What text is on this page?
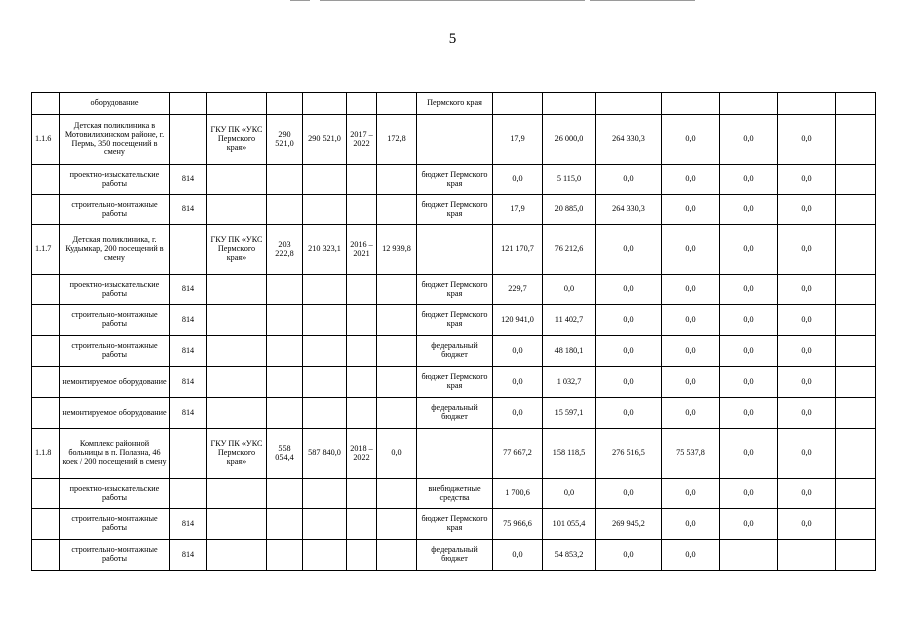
5
	оборудование							Пермского края							
1.1.6	Детская поликлиника в Мотовилихинском районе, г. Пермь, 350 посещений в смену		ГКУ ПК «УКС Пермского края»	290 521,0	290 521,0	2017 – 2022	172,8		17,9	26 000,0	264 330,3	0,0	0,0	0,0	
	проектно-изыскательские работы	814						бюджет Пермского края	0,0	5 115,0	0,0	0,0	0,0	0,0	
	строительно-монтажные работы	814						бюджет Пермского края	17,9	20 885,0	264 330,3	0,0	0,0	0,0	
1.1.7	Детская поликлиника, г. Кудымкар, 200 посещений в смену		ГКУ ПК «УКС Пермского края»	203 222,8	210 323,1	2016 – 2021	12 939,8		121 170,7	76 212,6	0,0	0,0	0,0	0,0	
	проектно-изыскательские работы	814						бюджет Пермского края	229,7	0,0	0,0	0,0	0,0	0,0	
	строительно-монтажные работы	814						бюджет Пермского края	120 941,0	11 402,7	0,0	0,0	0,0	0,0	
	строительно-монтажные работы	814						федеральный бюджет	0,0	48 180,1	0,0	0,0	0,0	0,0	
	немонтируемое оборудование	814						бюджет Пермского края	0,0	1 032,7	0,0	0,0	0,0	0,0	
	немонтируемое оборудование	814						федеральный бюджет	0,0	15 597,1	0,0	0,0	0,0	0,0	
1.1.8	Комплекс районной больницы в п. Полазна, 46 коек / 200 посещений в смену		ГКУ ПК «УКС Пермского края»	558 054,4	587 840,0	2018 – 2022	0,0		77 667,2	158 118,5	276 516,5	75 537,8	0,0	0,0	
	проектно-изыскательские работы							внебюджетные средства	1 700,6	0,0	0,0	0,0	0,0	0,0	
	строительно-монтажные работы	814						бюджет Пермского края	75 966,6	101 055,4	269 945,2	0,0	0,0	0,0	
	строительно-монтажные работы	814						федеральный бюджет	0,0	54 853,2	0,0	0,0			
